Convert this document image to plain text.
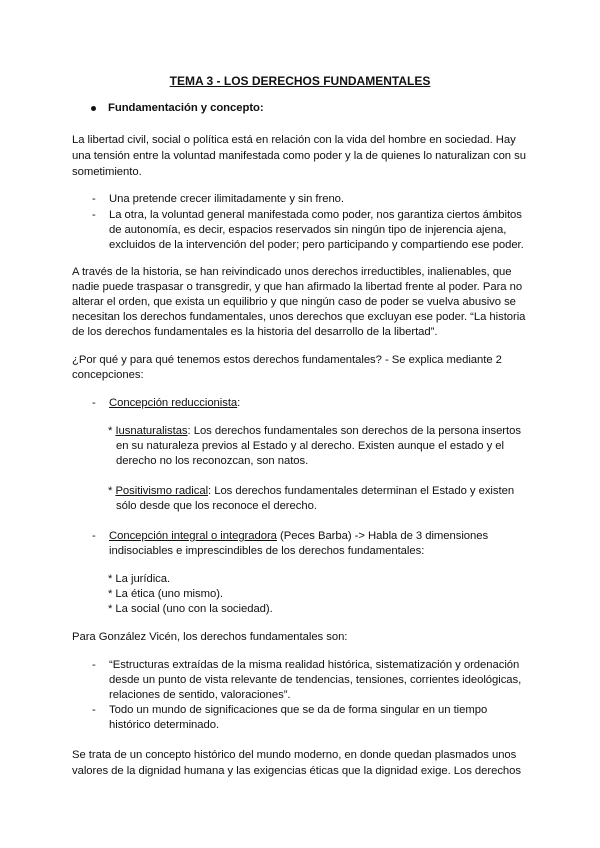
TEMA 3 - LOS DERECHOS FUNDAMENTALES
Fundamentación y concepto:
La libertad civil, social o política está en relación con la vida del hombre en sociedad. Hay
una tensión entre la voluntad manifestada como poder y la de quienes lo naturalizan con su
sometimiento.
- Una pretende crecer ilimitadamente y sin freno.
- La otra, la voluntad general manifestada como poder, nos garantiza ciertos ámbitos
de autonomía, es decir, espacios reservados sin ningún tipo de injerencia ajena,
excluidos de la intervención del poder; pero participando y compartiendo ese poder.
A través de la historia, se han reivindicado unos derechos irreductibles, inalienables, que
nadie puede traspasar o transgredir, y que han afirmado la libertad frente al poder. Para no
alterar el orden, que exista un equilibrio y que ningún caso de poder se vuelva abusivo se
necesitan los derechos fundamentales, unos derechos que excluyan ese poder. “La historia
de los derechos fundamentales es la historia del desarrollo de la libertad”.
¿Por qué y para qué tenemos estos derechos fundamentales? - Se explica mediante 2
concepciones:
- Concepción reduccionista:
* Iusnaturalistas: Los derechos fundamentales son derechos de la persona insertos
en su naturaleza previos al Estado y al derecho. Existen aunque el estado y el
derecho no los reconozcan, son natos.
* Positivismo radical: Los derechos fundamentales determinan el Estado y existen
sólo desde que los reconoce el derecho.
- Concepción integral o integradora (Peces Barba) -> Habla de 3 dimensiones
indisociables e imprescindibles de los derechos fundamentales:
* La jurídica.
* La ética (uno mismo).
* La social (uno con la sociedad).
Para González Vicén, los derechos fundamentales son:
- “Estructuras extraídas de la misma realidad histórica, sistematización y ordenación
desde un punto de vista relevante de tendencias, tensiones, corrientes ideológicas,
relaciones de sentido, valoraciones”.
- Todo un mundo de significaciones que se da de forma singular en un tiempo
histórico determinado.
Se trata de un concepto histórico del mundo moderno, en donde quedan plasmados unos
valores de la dignidad humana y las exigencias éticas que la dignidad exige. Los derechos
